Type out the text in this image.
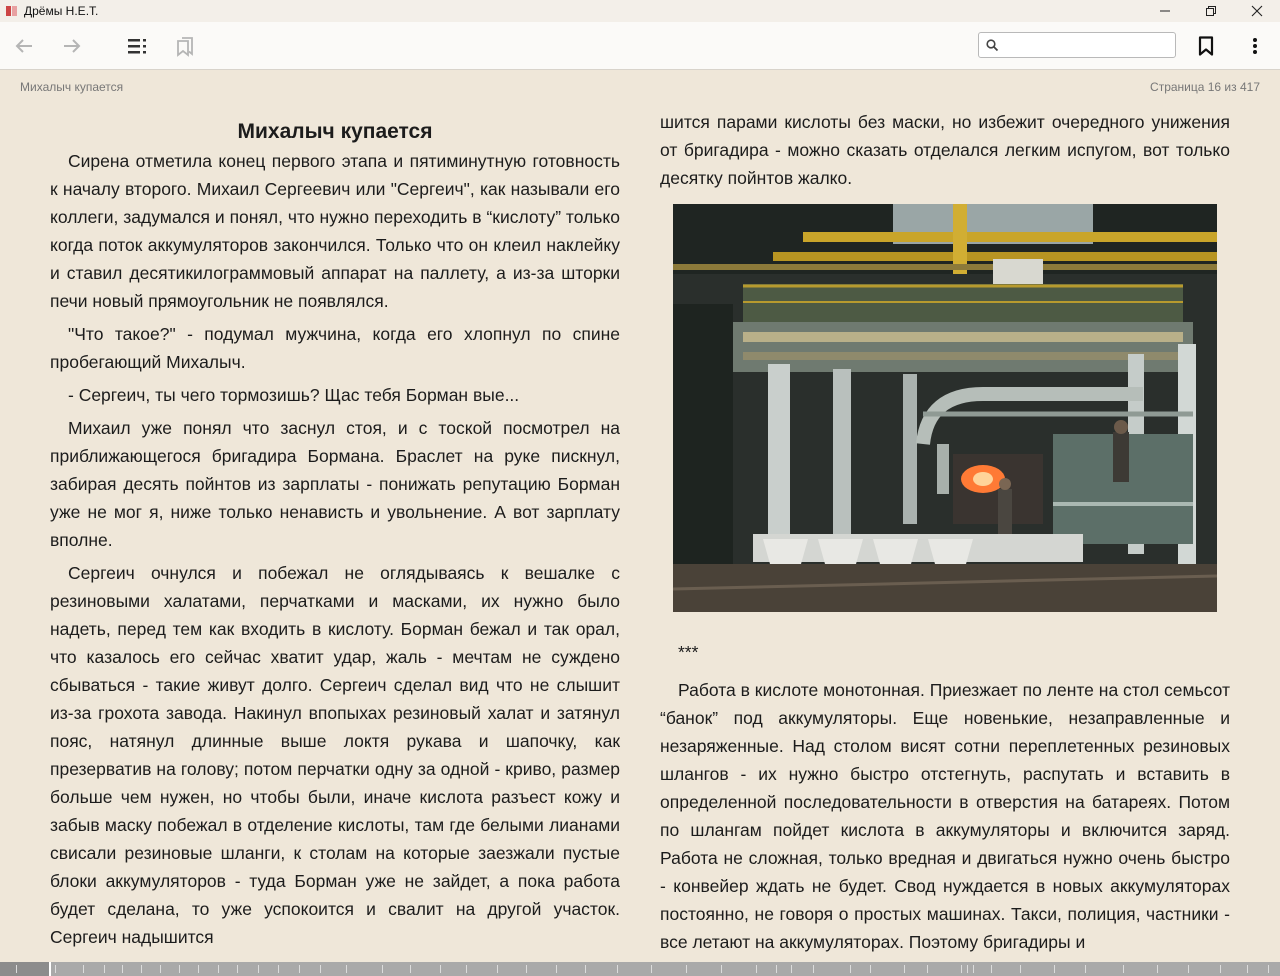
Дрёмы Н.Е.Т.
Михалыч купается	Страница 16 из 417
Михалыч купается

Сирена отметила конец первого этапа и пятиминутную готовность к началу второго. Михаил Сергеевич или "Сергеич", как называли его коллеги, задумался и понял, что нужно переходить в “кислоту” только когда поток аккумуляторов закончился. Только что он клеил наклейку и ставил десятикилограммовый аппарат на паллету, а из-за шторки печи новый прямоугольник не появлялся.

"Что такое?" - подумал мужчина, когда его хлопнул по спине пробегающий Михалыч.

- Сергеич, ты чего тормозишь? Щас тебя Борман вые...

Михаил уже понял что заснул стоя, и с тоской посмотрел на приближающегося бригадира Бормана. Браслет на руке пискнул, забирая десять пойнтов из зарплаты - понижать репутацию Борман уже не мог я, ниже только ненависть и увольнение. А вот зарплату вполне.

Сергеич очнулся и побежал не оглядываясь к вешалке с резиновыми халатами, перчатками и масками, их нужно было надеть, перед тем как входить в кислоту. Борман бежал и так орал, что казалось его сейчас хватит удар, жаль - мечтам не суждено сбываться - такие живут долго. Сергеич сделал вид что не слышит из-за грохота завода. Накинул впопыхах резиновый халат и затянул пояс, натянул длинные выше локтя рукава и шапочку, как презерватив на голову; потом перчатки одну за одной - криво, размер больше чем нужен, но чтобы были, иначе кислота разъест кожу и забыв маску побежал в отделение кислоты, там где белыми лианами свисали резиновые шланги, к столам на которые заезжали пустые блоки аккумуляторов - туда Борман уже не зайдет, а пока работа будет сделана, то уже успокоится и свалит на другой участок. Сергеич надышится

шится парами кислоты без маски, но избежит очередного унижения от бригадира - можно сказать отделался легким испугом, вот только десятку пойнтов жалко.

***

Работа в кислоте монотонная. Приезжает по ленте на стол семьсот “банок” под аккумуляторы. Еще новенькие, незаправленные и незаряженные. Над столом висят сотни переплетенных резиновых шлангов - их нужно быстро отстегнуть, распутать и вставить в определенной последовательности в отверстия на батареях. Потом по шлангам пойдет кислота в аккумуляторы и включится заряд. Работа не сложная, только вредная и двигаться нужно очень быстро - конвейер ждать не будет. Свод нуждается в новых аккумуляторах постоянно, не говоря о простых машинах. Такси, полиция, частники - все летают на аккумуляторах. Поэтому бригадиры и
